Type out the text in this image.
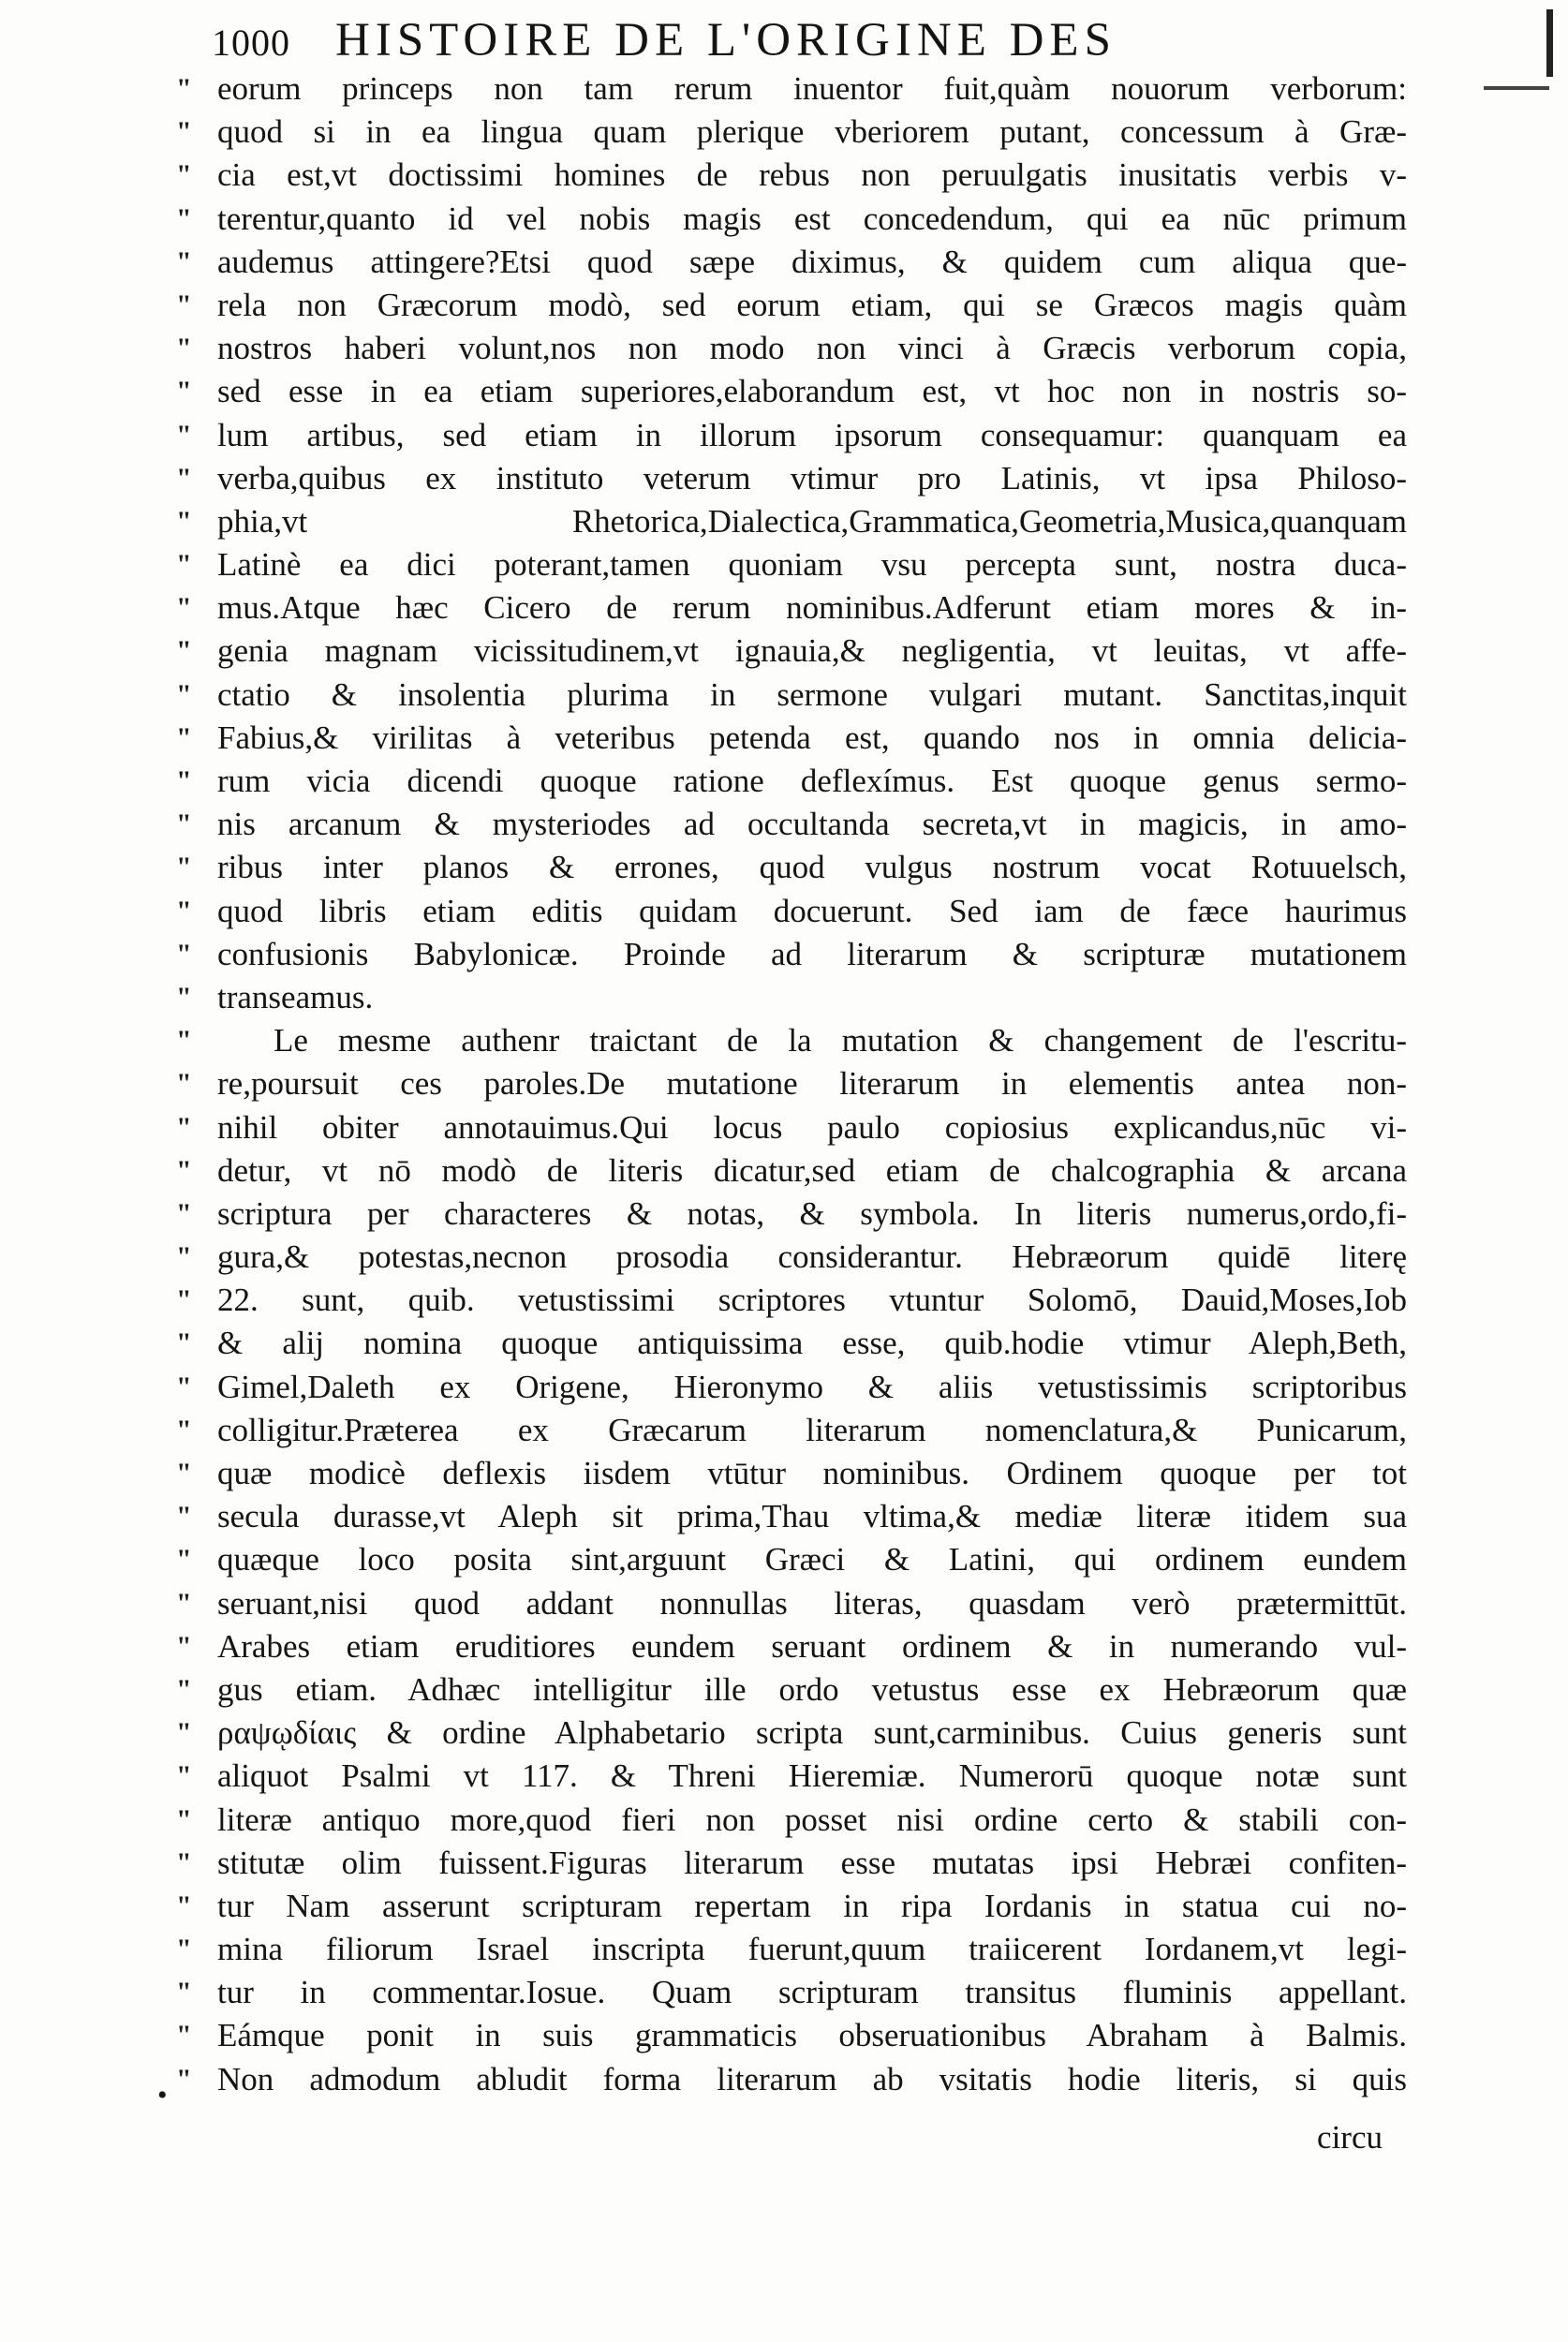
1000 HISTOIRE DE L'ORIGINE DES
" eorum princeps non tam rerum inuentor fuit,quàm nouorum verborum:
" quod si in ea lingua quam plerique vberiorem putant, concessum à Græ-
" cia est,vt doctissimi homines de rebus non peruulgatis inusitatis verbis v-
" terentur,quanto id vel nobis magis est concedendum, qui ea nūc primum
" audemus attingere?Etsi quod sæpe diximus, & quidem cum aliqua que-
" rela non Græcorum modò, sed eorum etiam, qui se Græcos magis quàm
" nostros haberi volunt,nos non modo non vinci à Græcis verborum copia,
" sed esse in ea etiam superiores,elaborandum est, vt hoc non in nostris so-
" lum artibus, sed etiam in illorum ipsorum consequamur: quanquam ea
" verba,quibus ex instituto veterum vtimur pro Latinis, vt ipsa Philoso-
" phia,vt Rhetorica,Dialectica,Grammatica,Geometria,Musica,quanquam
" Latinè ea dici poterant,tamen quoniam vsu percepta sunt, nostra duca-
" mus.Atque hæc Cicero de rerum nominibus.Adferunt etiam mores & in-
" genia magnam vicissitudinem,vt ignauia,& negligentia, vt leuitas, vt affe-
" ctatio & insolentia plurima in sermone vulgari mutant. Sanctitas,inquit
" Fabius,& virilitas à veteribus petenda est, quando nos in omnia delicia-
" rum vicia dicendi quoque ratione deflexímus. Est quoque genus sermo-
" nis arcanum & mysteriodes ad occultanda secreta,vt in magicis, in amo-
" ribus inter planos & errones, quod vulgus nostrum vocat Rotuuelsch,
" quod libris etiam editis quidam docuerunt. Sed iam de fæce haurimus
" confusionis Babylonicæ. Proinde ad literarum & scripturæ mutationem
" transeamus.
"	Le mesme authenr traictant de la mutation & changement de l'escritu-
" re,poursuit ces paroles.De mutatione literarum in elementis antea non-
" nihil obiter annotauimus.Qui locus paulo copiosius explicandus,nūc vi-
" detur, vt nō modò de literis dicatur,sed etiam de chalcographia & arcana
" scriptura per characteres & notas, & symbola. In literis numerus,ordo,fi-
" gura,& potestas,necnon prosodia considerantur. Hebræorum quidē literę
" 22. sunt, quib. vetustissimi scriptores vtuntur Solomō, Dauid,Moses,Iob
" & alij nomina quoque antiquissima esse, quib.hodie vtimur Aleph,Beth,
" Gimel,Daleth ex Origene, Hieronymo & aliis vetustissimis scriptoribus
" colligitur.Præterea ex Græcarum literarum nomenclatura,& Punicarum,
" quæ modicè deflexis iisdem vtūtur nominibus. Ordinem quoque per tot
" secula durasse,vt Aleph sit prima,Thau vltima,& mediæ literæ itidem sua
" quæque loco posita sint,arguunt Græci & Latini, qui ordinem eundem
" seruant,nisi quod addant nonnullas literas, quasdam verò prætermittūt.
" Arabes etiam eruditiores eundem seruant ordinem & in numerando vul-
" gus etiam. Adhæc intelligitur ille ordo vetustus esse ex Hebræorum quæ
" ραψῳδίαις & ordine Alphabetario scripta sunt,carminibus. Cuius generis sunt
" aliquot Psalmi vt 117. & Threni Hieremiæ. Numerorū quoque notæ sunt
" literæ antiquo more,quod fieri non posset nisi ordine certo & stabili con-
" stitutæ olim fuissent.Figuras literarum esse mutatas ipsi Hebræi confiten-
" tur Nam asserunt scripturam repertam in ripa Iordanis in statua cui no-
" mina filiorum Israel inscripta fuerunt,quum traiicerent Iordanem,vt legi-
" tur in commentar.Iosue. Quam scripturam transitus fluminis appellant.
" Eámque ponit in suis grammaticis obseruationibus Abraham à Balmis.
" Non admodum abludit forma literarum ab vsitatis hodie literis, si quis
•
circu
